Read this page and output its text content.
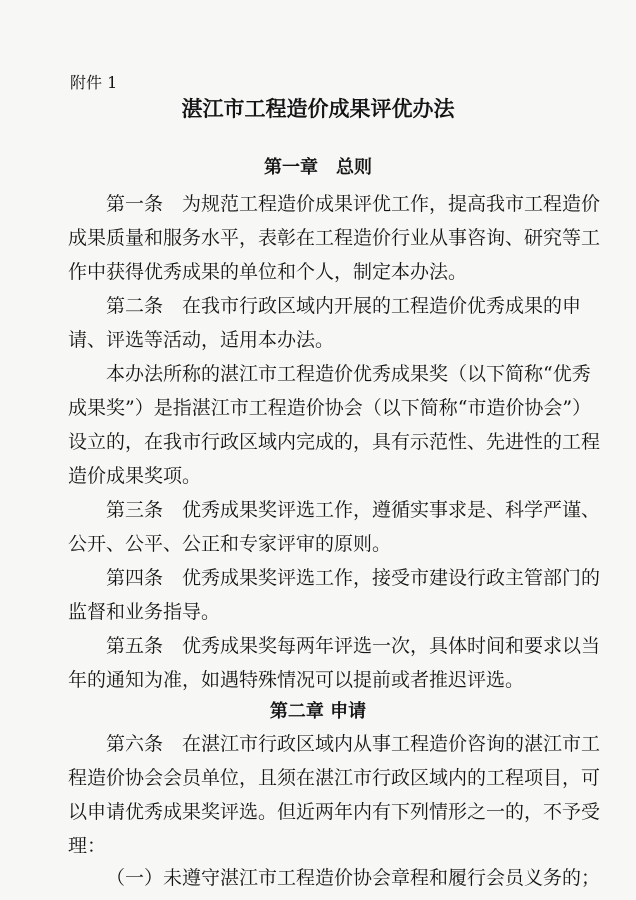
附件 1
湛江市工程造价成果评优办法
第一章　总则
第一条　为规范工程造价成果评优工作，提高我市工程造价
成果质量和服务水平，表彰在工程造价行业从事咨询、研究等工
作中获得优秀成果的单位和个人，制定本办法。
第二条　在我市行政区域内开展的工程造价优秀成果的申
请、评选等活动，适用本办法。
本办法所称的湛江市工程造价优秀成果奖（以下简称“优秀
成果奖”）是指湛江市工程造价协会（以下简称“市造价协会”）
设立的，在我市行政区域内完成的，具有示范性、先进性的工程
造价成果奖项。
第三条　优秀成果奖评选工作，遵循实事求是、科学严谨、
公开、公平、公正和专家评审的原则。
第四条　优秀成果奖评选工作，接受市建设行政主管部门的
监督和业务指导。
第五条　优秀成果奖每两年评选一次，具体时间和要求以当
年的通知为准，如遇特殊情况可以提前或者推迟评选。
第二章 申请
第六条　在湛江市行政区域内从事工程造价咨询的湛江市工
程造价协会会员单位，且须在湛江市行政区域内的工程项目，可
以申请优秀成果奖评选。但近两年内有下列情形之一的，不予受
理：
（一）未遵守湛江市工程造价协会章程和履行会员义务的；
